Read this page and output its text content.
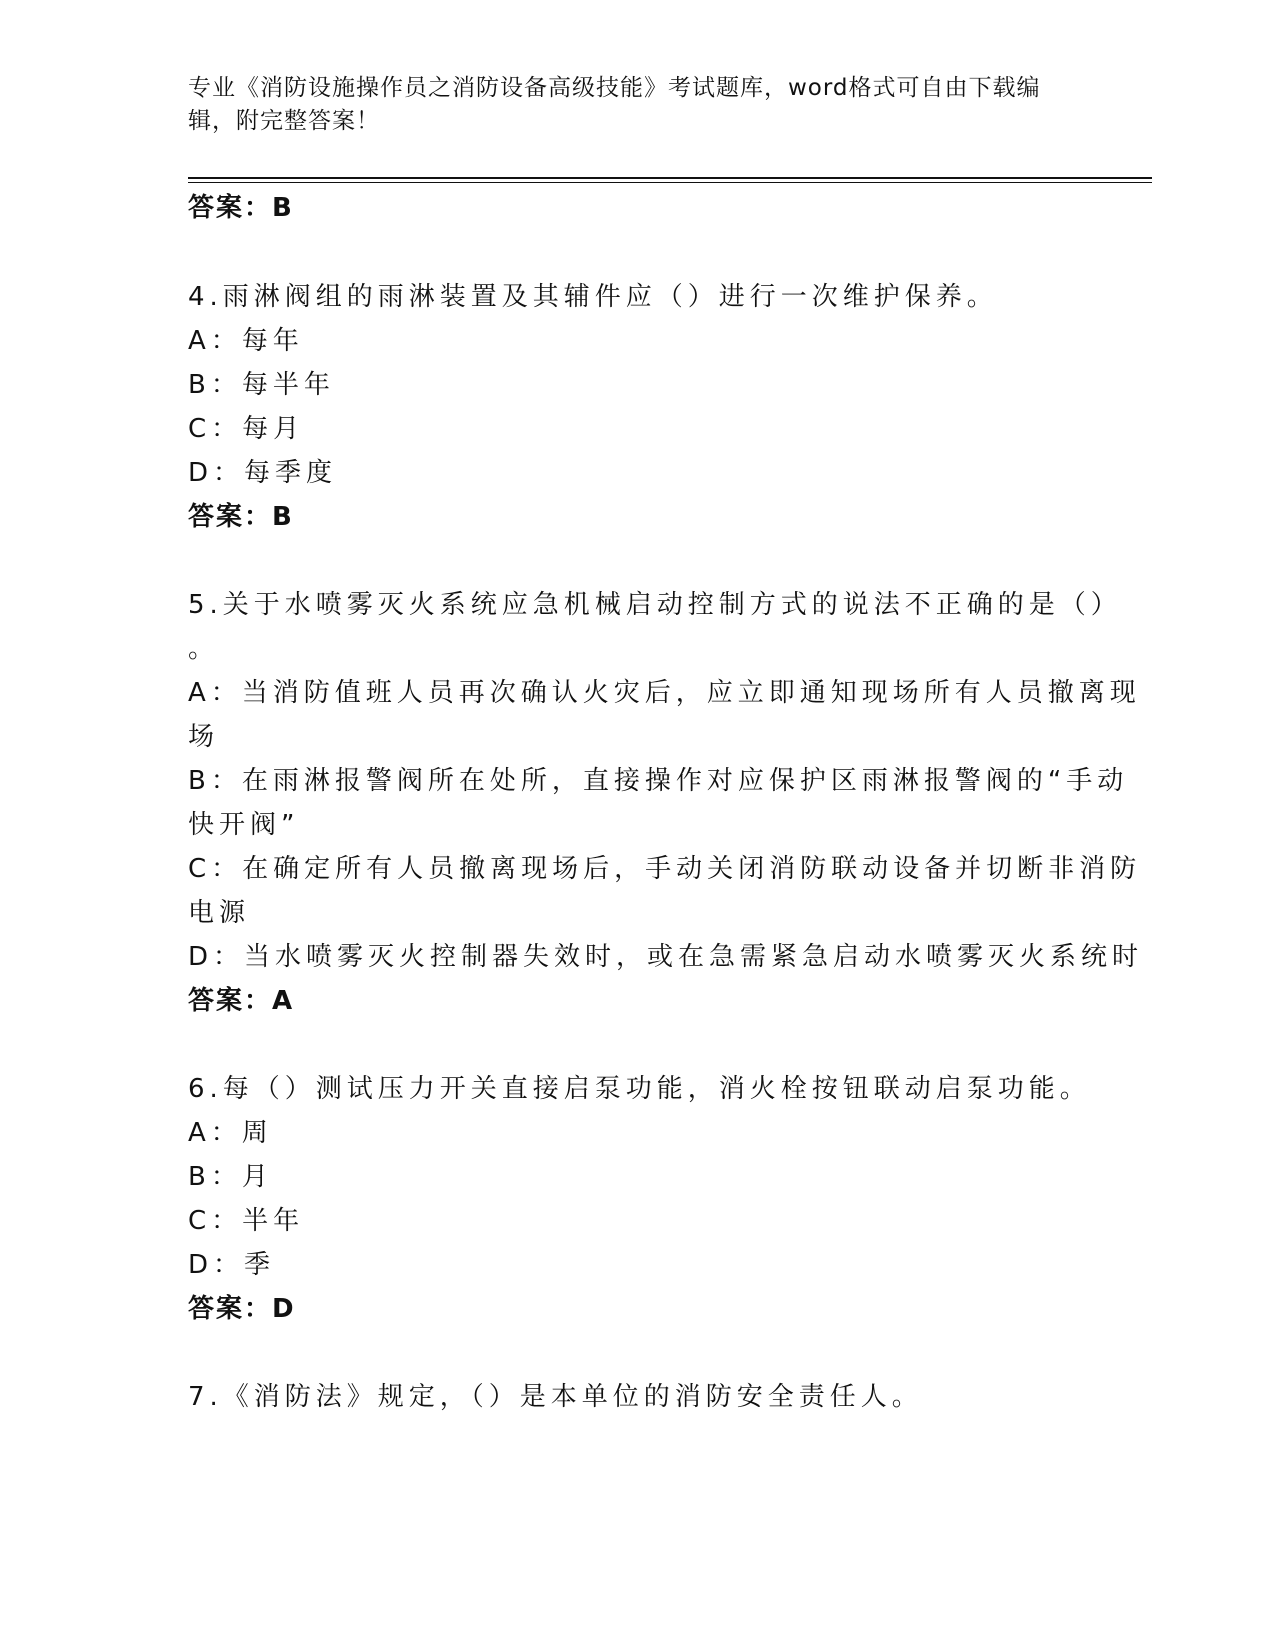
专业《消防设施操作员之消防设备高级技能》考试题库，word格式可自由下载编
辑，附完整答案！
答案：B
4.雨淋阀组的雨淋装置及其辅件应（）进行一次维护保养。
A：每年
B：每半年
C：每月
D：每季度
答案：B
5.关于水喷雾灭火系统应急机械启动控制方式的说法不正确的是（）
。
A：当消防值班人员再次确认火灾后，应立即通知现场所有人员撤离现
场
B：在雨淋报警阀所在处所，直接操作对应保护区雨淋报警阀的“手动
快开阀”
C：在确定所有人员撤离现场后，手动关闭消防联动设备并切断非消防
电源
D：当水喷雾灭火控制器失效时，或在急需紧急启动水喷雾灭火系统时
答案：A
6.每（）测试压力开关直接启泵功能，消火栓按钮联动启泵功能。
A：周
B：月
C：半年
D：季
答案：D
7.《消防法》规定，（）是本单位的消防安全责任人。
